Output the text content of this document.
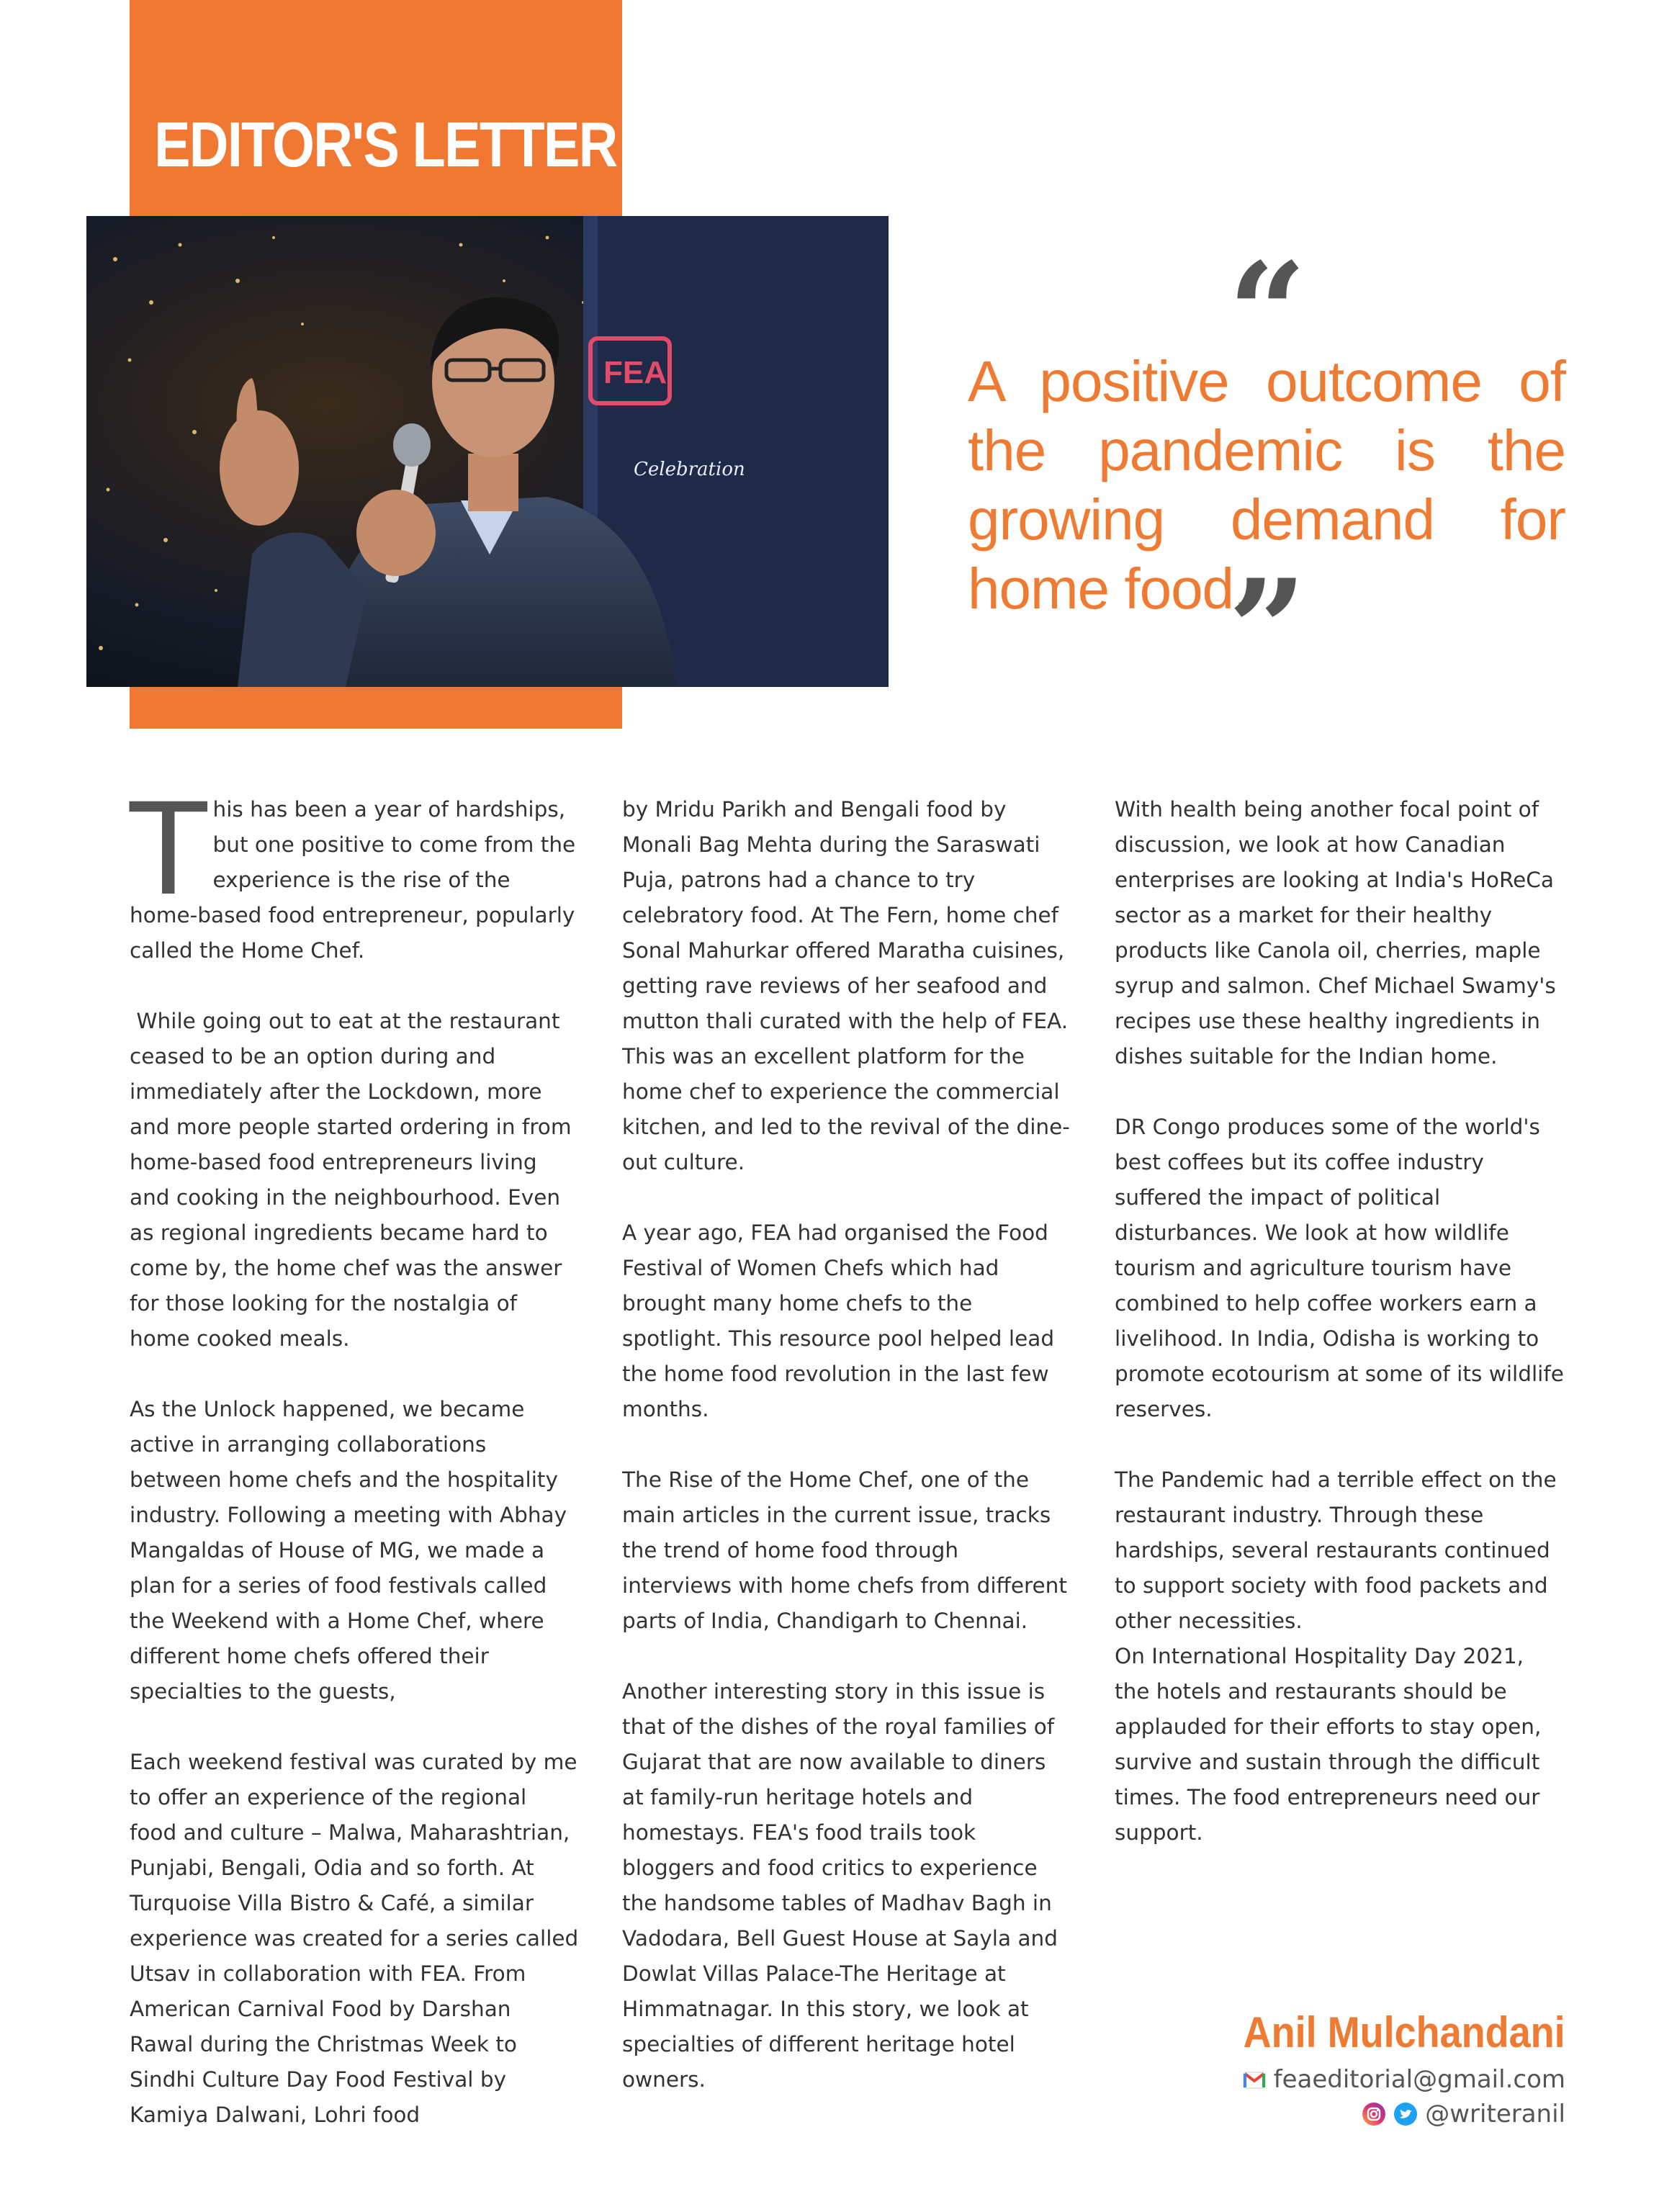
EDITOR'S LETTER
FEA
Celebration
“

A positive outcome of the pandemic is the growing demand for home food.

”

This has been a year of hardships, but one positive to come from the experience is the rise of the home-based food entrepreneur, popularly called the Home Chef.

While going out to eat at the restaurant ceased to be an option during and immediately after the Lockdown, more and more people started ordering in from home-based food entrepreneurs living and cooking in the neighbourhood. Even as regional ingredients became hard to come by, the home chef was the answer for those looking for the nostalgia of home cooked meals.

As the Unlock happened, we became active in arranging collaborations between home chefs and the hospitality industry. Following a meeting with Abhay Mangaldas of House of MG, we made a plan for a series of food festivals called the Weekend with a Home Chef, where different home chefs offered their specialties to the guests,

Each weekend festival was curated by me to offer an experience of the regional food and culture – Malwa, Maharashtrian, Punjabi, Bengali, Odia and so forth. At Turquoise Villa Bistro & Café, a similar experience was created for a series called Utsav in collaboration with FEA. From American Carnival Food by Darshan Rawal during the Christmas Week to Sindhi Culture Day Food Festival by Kamiya Dalwani, Lohri food

by Mridu Parikh and Bengali food by Monali Bag Mehta during the Saraswati Puja, patrons had a chance to try celebratory food. At The Fern, home chef Sonal Mahurkar offered Maratha cuisines, getting rave reviews of her seafood and mutton thali curated with the help of FEA. This was an excellent platform for the home chef to experience the commercial kitchen, and led to the revival of the dine-out culture.

A year ago, FEA had organised the Food Festival of Women Chefs which had brought many home chefs to the spotlight. This resource pool helped lead the home food revolution in the last few months.

The Rise of the Home Chef, one of the main articles in the current issue, tracks the trend of home food through interviews with home chefs from different parts of India, Chandigarh to Chennai.

Another interesting story in this issue is that of the dishes of the royal families of Gujarat that are now available to diners at family-run heritage hotels and homestays. FEA's food trails took bloggers and food critics to experience the handsome tables of Madhav Bagh in Vadodara, Bell Guest House at Sayla and Dowlat Villas Palace-The Heritage at Himmatnagar. In this story, we look at specialties of different heritage hotel owners.

With health being another focal point of discussion, we look at how Canadian enterprises are looking at India's HoReCa sector as a market for their healthy products like Canola oil, cherries, maple syrup and salmon. Chef Michael Swamy's recipes use these healthy ingredients in dishes suitable for the Indian home.

DR Congo produces some of the world's best coffees but its coffee industry suffered the impact of political disturbances. We look at how wildlife tourism and agriculture tourism have combined to help coffee workers earn a livelihood. In India, Odisha is working to promote ecotourism at some of its wildlife reserves.

The Pandemic had a terrible effect on the restaurant industry. Through these hardships, several restaurants continued to support society with food packets and other necessities.

On International Hospitality Day 2021, the hotels and restaurants should be applauded for their efforts to stay open, survive and sustain through the difficult times. The food entrepreneurs need our support.

Anil Mulchandani
feaeditorial@gmail.com
@writeranil
